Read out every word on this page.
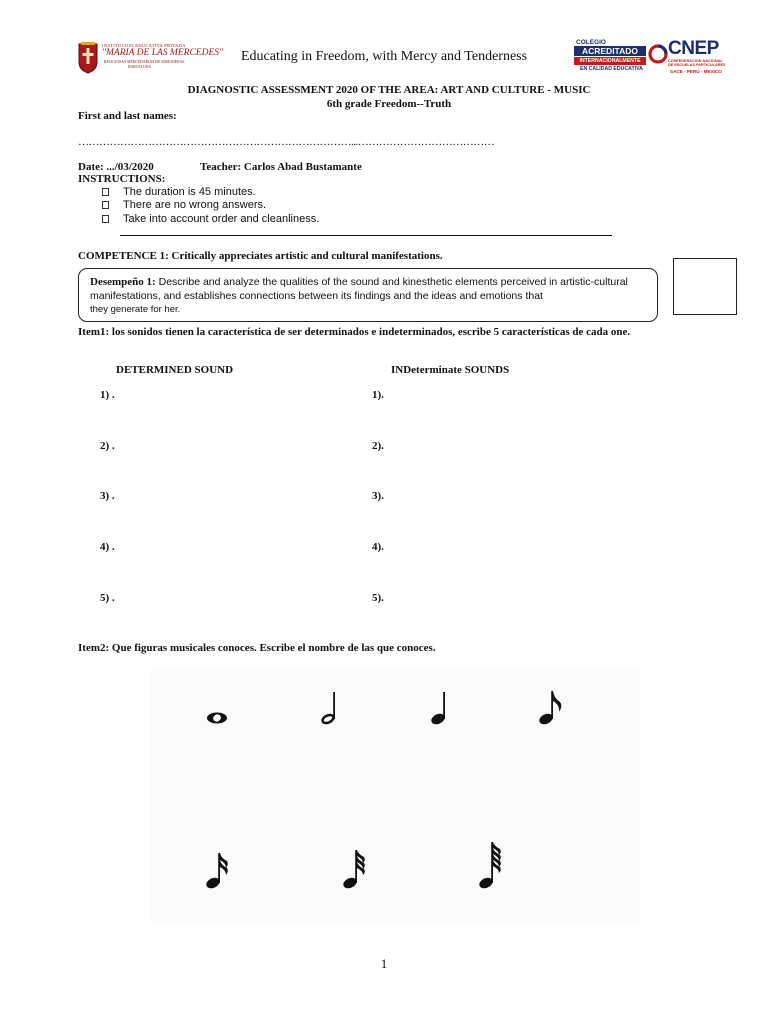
INSTITUCION EDUCATIVA PRIVADA
"MARIA DE LAS MERCEDES"
RELIGIOSAS MERCEDARIAS DE MISIONERAS
BARCELONA
Educating in Freedom, with Mercy and Tenderness
COLEGIO
ACREDITADO
INTERNACIONALMENTE
EN CALIDAD EDUCATIVA
CNEP
CONFEDERACION NACIONAL DE ESCUELAS PARTICULARES
SACE - PERÚ - MEXICO
DIAGNOSTIC ASSESSMENT 2020 OF THE AREA: ART AND CULTURE - MUSIC
6th grade Freedom--Truth
First and last names:
……………………………………………………………………...…………………………………
Date: .../03/2020	Teacher: Carlos Abad Bustamante
INSTRUCTIONS:
The duration is 45 minutes.
There are no wrong answers.
Take into account order and cleanliness.
COMPETENCE 1: Critically appreciates artistic and cultural manifestations.
Desempeño 1: Describe and analyze the qualities of the sound and kinesthetic elements perceived in artistic-cultural manifestations, and establishes connections between its findings and the ideas and emotions that
they generate for her.
Item1: los sonidos tienen la característica de ser determinados e indeterminados, escribe 5 características de cada one.
DETERMINED SOUND	INDeterminate SOUNDS
1) .
2) .
3) .
4) .
5) .
1).
2).
3).
4).
5).
Item2: Que figuras musicales conoces. Escribe el nombre de las que conoces.
1
